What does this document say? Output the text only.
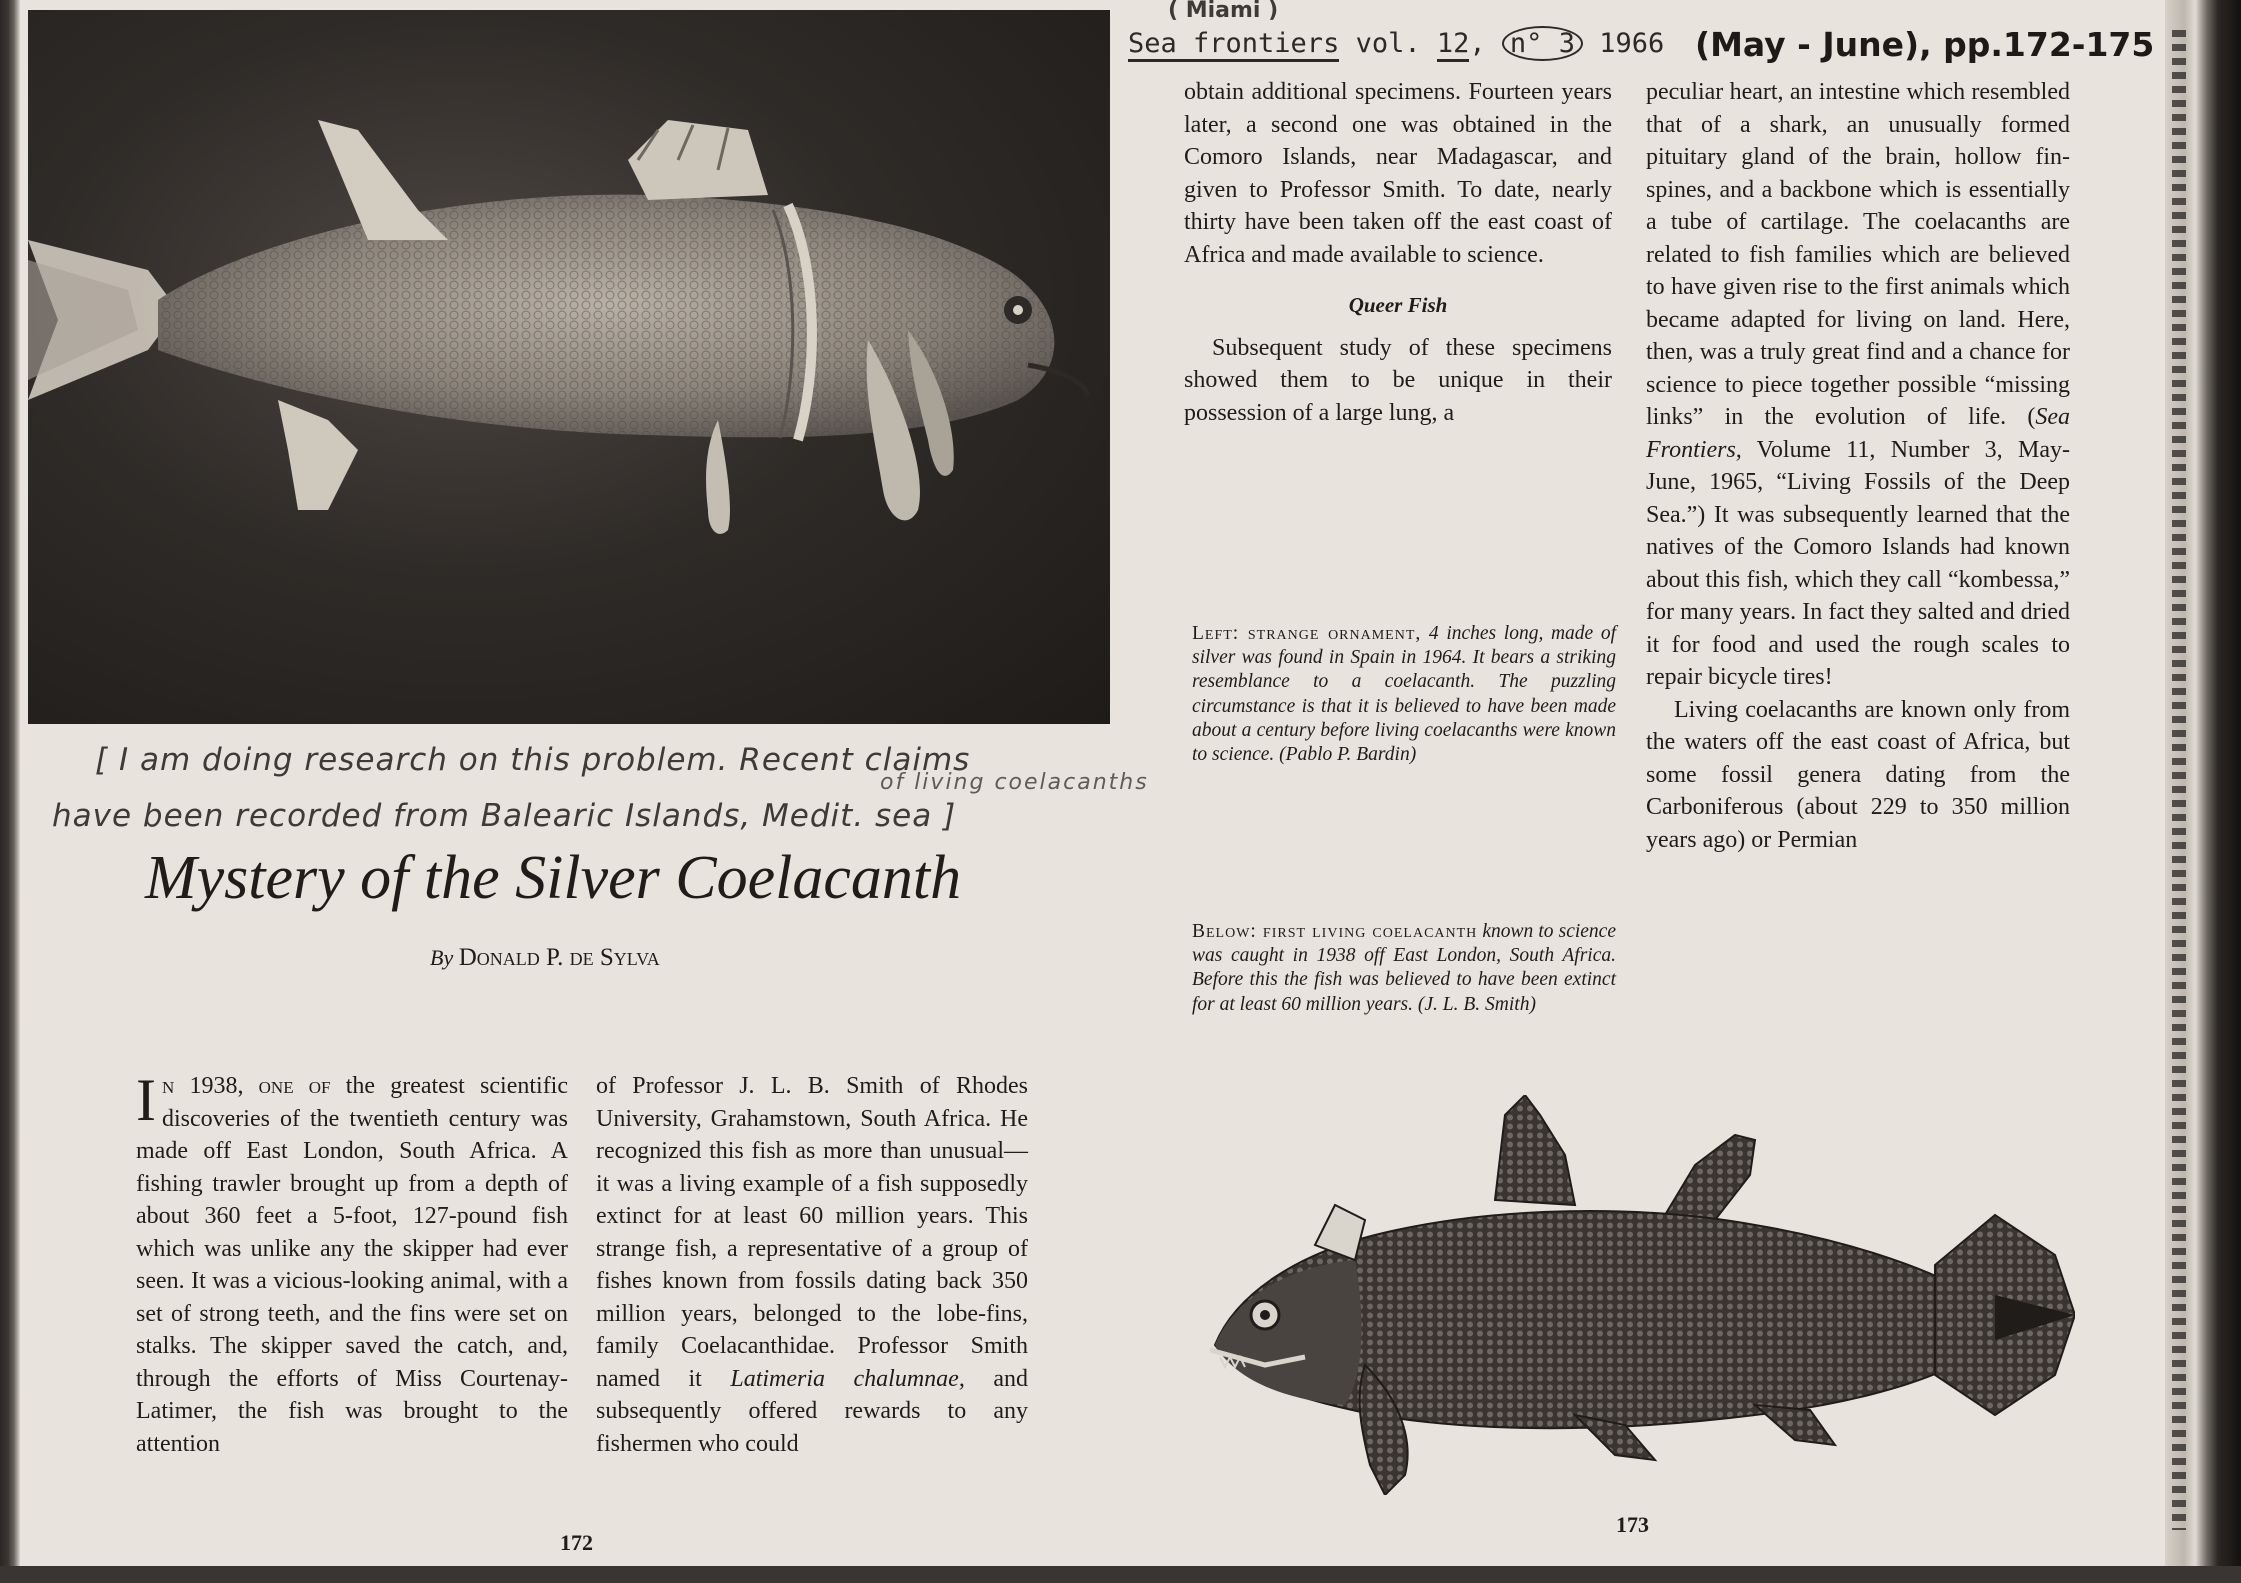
( Miami )
Sea frontiers vol. 12, n° 3 1966 (May - June), pp.172-175
[ I am doing research on this problem. Recent claims
of living coelacanths
have been recorded from Balearic Islands, Medit. sea ]
Mystery of the Silver Coelacanth
By Donald P. de Sylva

In 1938, one of the greatest scientific discoveries of the twentieth century was made off East London, South Africa. A fishing trawler brought up from a depth of about 360 feet a 5-foot, 127-pound fish which was unlike any the skipper had ever seen. It was a vicious-looking animal, with a set of strong teeth, and the fins were set on stalks. The skipper saved the catch, and, through the efforts of Miss Courtenay-Latimer, the fish was brought to the attention

of Professor J. L. B. Smith of Rhodes University, Grahamstown, South Africa. He recognized this fish as more than unusual—it was a living example of a fish supposedly extinct for at least 60 million years. This strange fish, a representative of a group of fishes known from fossils dating back 350 million years, belonged to the lobe-fins, family Coelacanthidae. Professor Smith named it Latimeria chalumnae, and subsequently offered rewards to any fishermen who could

obtain additional specimens. Fourteen years later, a second one was obtained in the Comoro Islands, near Madagascar, and given to Professor Smith. To date, nearly thirty have been taken off the east coast of Africa and made available to science.

Queer Fish

Subsequent study of these specimens showed them to be unique in their possession of a large lung, a

peculiar heart, an intestine which resembled that of a shark, an unusually formed pituitary gland of the brain, hollow fin-spines, and a backbone which is essentially a tube of cartilage. The coelacanths are related to fish families which are believed to have given rise to the first animals which became adapted for living on land. Here, then, was a truly great find and a chance for science to piece together possible “missing links” in the evolution of life. (Sea Frontiers, Volume 11, Number 3, May-June, 1965, “Living Fossils of the Deep Sea.”) It was subsequently learned that the natives of the Comoro Islands had known about this fish, which they call “kombessa,” for many years. In fact they salted and dried it for food and used the rough scales to repair bicycle tires!

Living coelacanths are known only from the waters off the east coast of Africa, but some fossil genera dating from the Carboniferous (about 229 to 350 million years ago) or Permian

Left: strange ornament, 4 inches long, made of silver was found in Spain in 1964. It bears a striking resemblance to a coelacanth. The puzzling circumstance is that it is believed to have been made about a century before living coelacanths were known to science. (Pablo P. Bardin)
Below: first living coelacanth known to science was caught in 1938 off East London, South Africa. Before this the fish was believed to have been extinct for at least 60 million years. (J. L. B. Smith)
172
173
